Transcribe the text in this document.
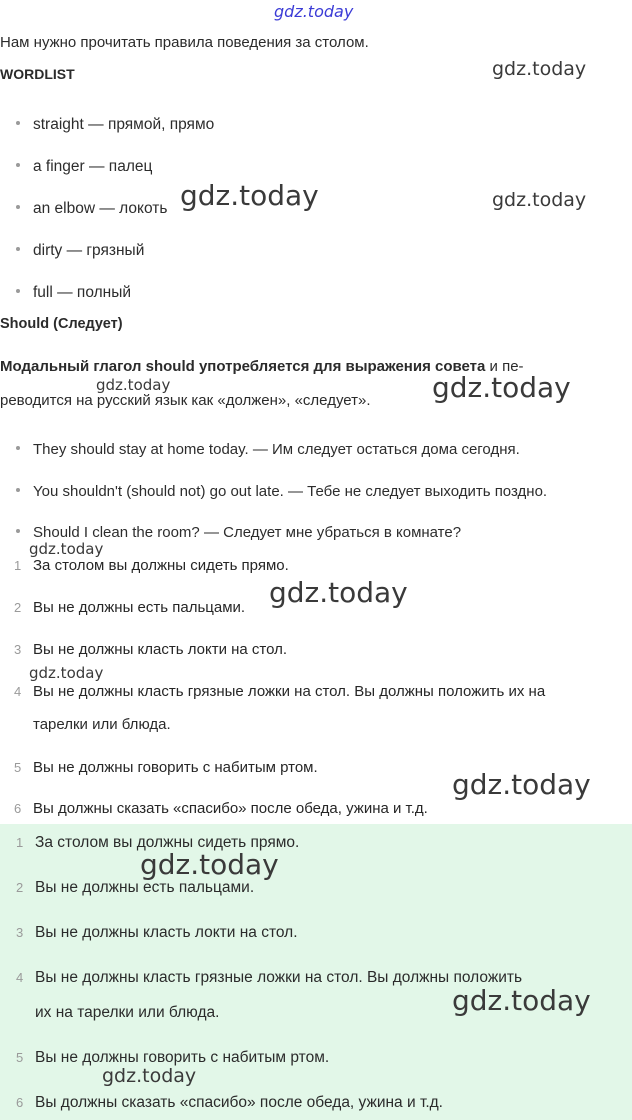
gdz.today
Нам нужно прочитать правила поведения за столом.
WORDLIST
straight — прямой, прямо
a finger — палец
an elbow — локоть
dirty — грязный
full — полный
Should (Следует)
Модальный глагол should употребляется для выражения совета и пе-
реводится на русский язык как «должен», «следует».
They should stay at home today. — Им следует остаться дома сегодня.
You shouldn't (should not) go out late. — Тебе не следует выходить поздно.
Should I clean the room? — Следует мне убраться в комнате?
1 За столом вы должны сидеть прямо.
2 Вы не должны есть пальцами.
3 Вы не должны класть локти на стол.
4 Вы не должны класть грязные ложки на стол. Вы должны положить их на
тарелки или блюда.
5 Вы не должны говорить с набитым ртом.
6 Вы должны сказать «спасибо» после обеда, ужина и т.д.
1 За столом вы должны сидеть прямо.
2 Вы не должны есть пальцами.
3 Вы не должны класть локти на стол.
4 Вы не должны класть грязные ложки на стол. Вы должны положить
их на тарелки или блюда.
5 Вы не должны говорить с набитым ртом.
6 Вы должны сказать «спасибо» после обеда, ужина и т.д.
gdz.today
gdz.today	gdz.today
gdz.today	gdz.today
gdz.today
gdz.today
gdz.today
gdz.today
gdz.today
gdz.today
gdz.today
